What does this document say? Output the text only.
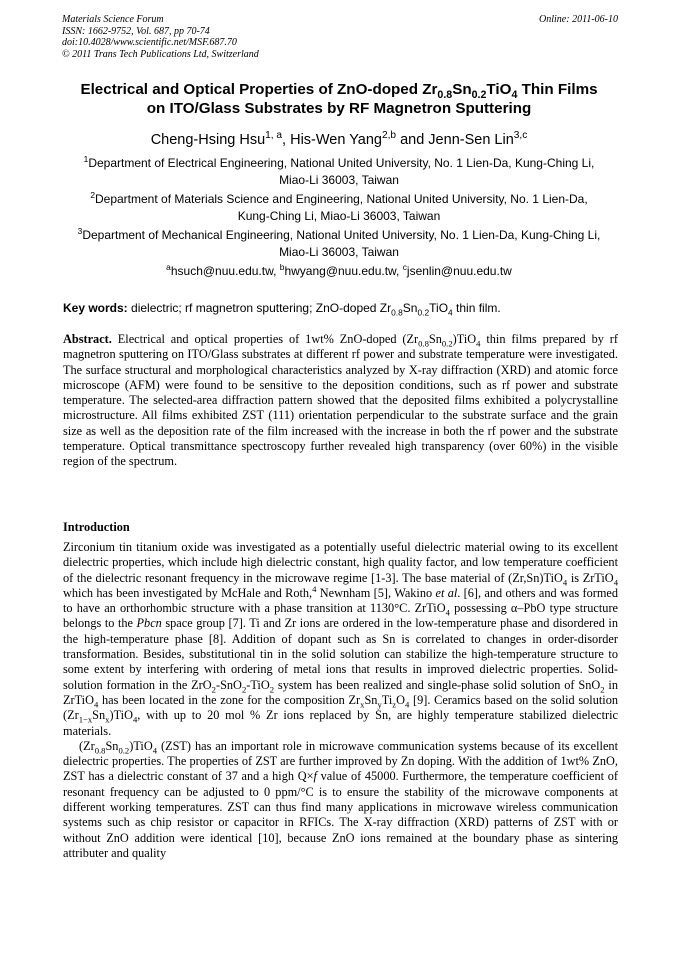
Materials Science Forum
ISSN: 1662-9752, Vol. 687, pp 70-74
doi:10.4028/www.scientific.net/MSF.687.70
© 2011 Trans Tech Publications Ltd, Switzerland
Online: 2011-06-10
Electrical and Optical Properties of ZnO-doped $Zr_{0.8}Sn_{0.2}TiO_4$ Thin Films
on ITO/Glass Substrates by RF Magnetron Sputtering
Cheng-Hsing Hsu$^{1, a}$, His-Wen Yang$^{2,b}$ and Jenn-Sen Lin$^{3,c}$
$^1$Department of Electrical Engineering, National United University, No. 1 Lien-Da, Kung-Ching Li,
Miao-Li 36003, Taiwan
$^2$Department of Materials Science and Engineering, National United University, No. 1 Lien-Da,
Kung-Ching Li, Miao-Li 36003, Taiwan
$^3$Department of Mechanical Engineering, National United University, No. 1 Lien-Da, Kung-Ching Li,
Miao-Li 36003, Taiwan
$^a$hsuch@nuu.edu.tw, $^b$hwyang@nuu.edu.tw, $^c$jsenlin@nuu.edu.tw
Key words: dielectric; rf magnetron sputtering; ZnO-doped $Zr_{0.8}Sn_{0.2}TiO_4$ thin film.
Abstract. Electrical and optical properties of 1wt% ZnO-doped $(Zr_{0.8}Sn_{0.2})TiO_4$ thin films prepared by rf magnetron sputtering on ITO/Glass substrates at different rf power and substrate temperature were investigated. The surface structural and morphological characteristics analyzed by X-ray diffraction (XRD) and atomic force microscope (AFM) were found to be sensitive to the deposition conditions, such as rf power and substrate temperature. The selected-area diffraction pattern showed that the deposited films exhibited a polycrystalline microstructure. All films exhibited ZST (111) orientation perpendicular to the substrate surface and the grain size as well as the deposition rate of the film increased with the increase in both the rf power and the substrate temperature. Optical transmittance spectroscopy further revealed high transparency (over 60%) in the visible region of the spectrum.
Introduction

Zirconium tin titanium oxide was investigated as a potentially useful dielectric material owing to its excellent dielectric properties, which include high dielectric constant, high quality factor, and low temperature coefficient of the dielectric resonant frequency in the microwave regime [1-3]. The base material of (Zr,Sn)TiO$_4$ is ZrTiO$_4$ which has been investigated by McHale and Roth,$^4$ Newnham [5], Wakino et al. [6], and others and was formed to have an orthorhombic structure with a phase transition at 1130°C. ZrTiO$_4$ possessing α–PbO type structure belongs to the Pbcn space group [7]. Ti and Zr ions are ordered in the low-temperature phase and disordered in the high-temperature phase [8]. Addition of dopant such as Sn is correlated to changes in order-disorder transformation. Besides, substitutional tin in the solid solution can stabilize the high-temperature structure to some extent by interfering with ordering of metal ions that results in improved dielectric properties. Solid-solution formation in the ZrO$_2$-SnO$_2$-TiO$_2$ system has been realized and single-phase solid solution of SnO$_2$ in ZrTiO$_4$ has been located in the zone for the composition $Zr_xSn_yTi_zO_4$ [9]. Ceramics based on the solid solution $(Zr_{1-x}Sn_x)TiO_4$, with up to 20 mol % Zr ions replaced by Sn, are highly temperature stabilized dielectric materials.

$(Zr_{0.8}Sn_{0.2})TiO_4$ (ZST) has an important role in microwave communication systems because of its excellent dielectric properties. The properties of ZST are further improved by Zn doping. With the addition of 1wt% ZnO, ZST has a dielectric constant of 37 and a high Q×f value of 45000. Furthermore, the temperature coefficient of resonant frequency can be adjusted to 0 ppm/°C is to ensure the stability of the microwave components at different working temperatures. ZST can thus find many applications in microwave wireless communication systems such as chip resistor or capacitor in RFICs. The X-ray diffraction (XRD) patterns of ZST with or without ZnO addition were identical [10], because ZnO ions remained at the boundary phase as sintering attributer and quality
